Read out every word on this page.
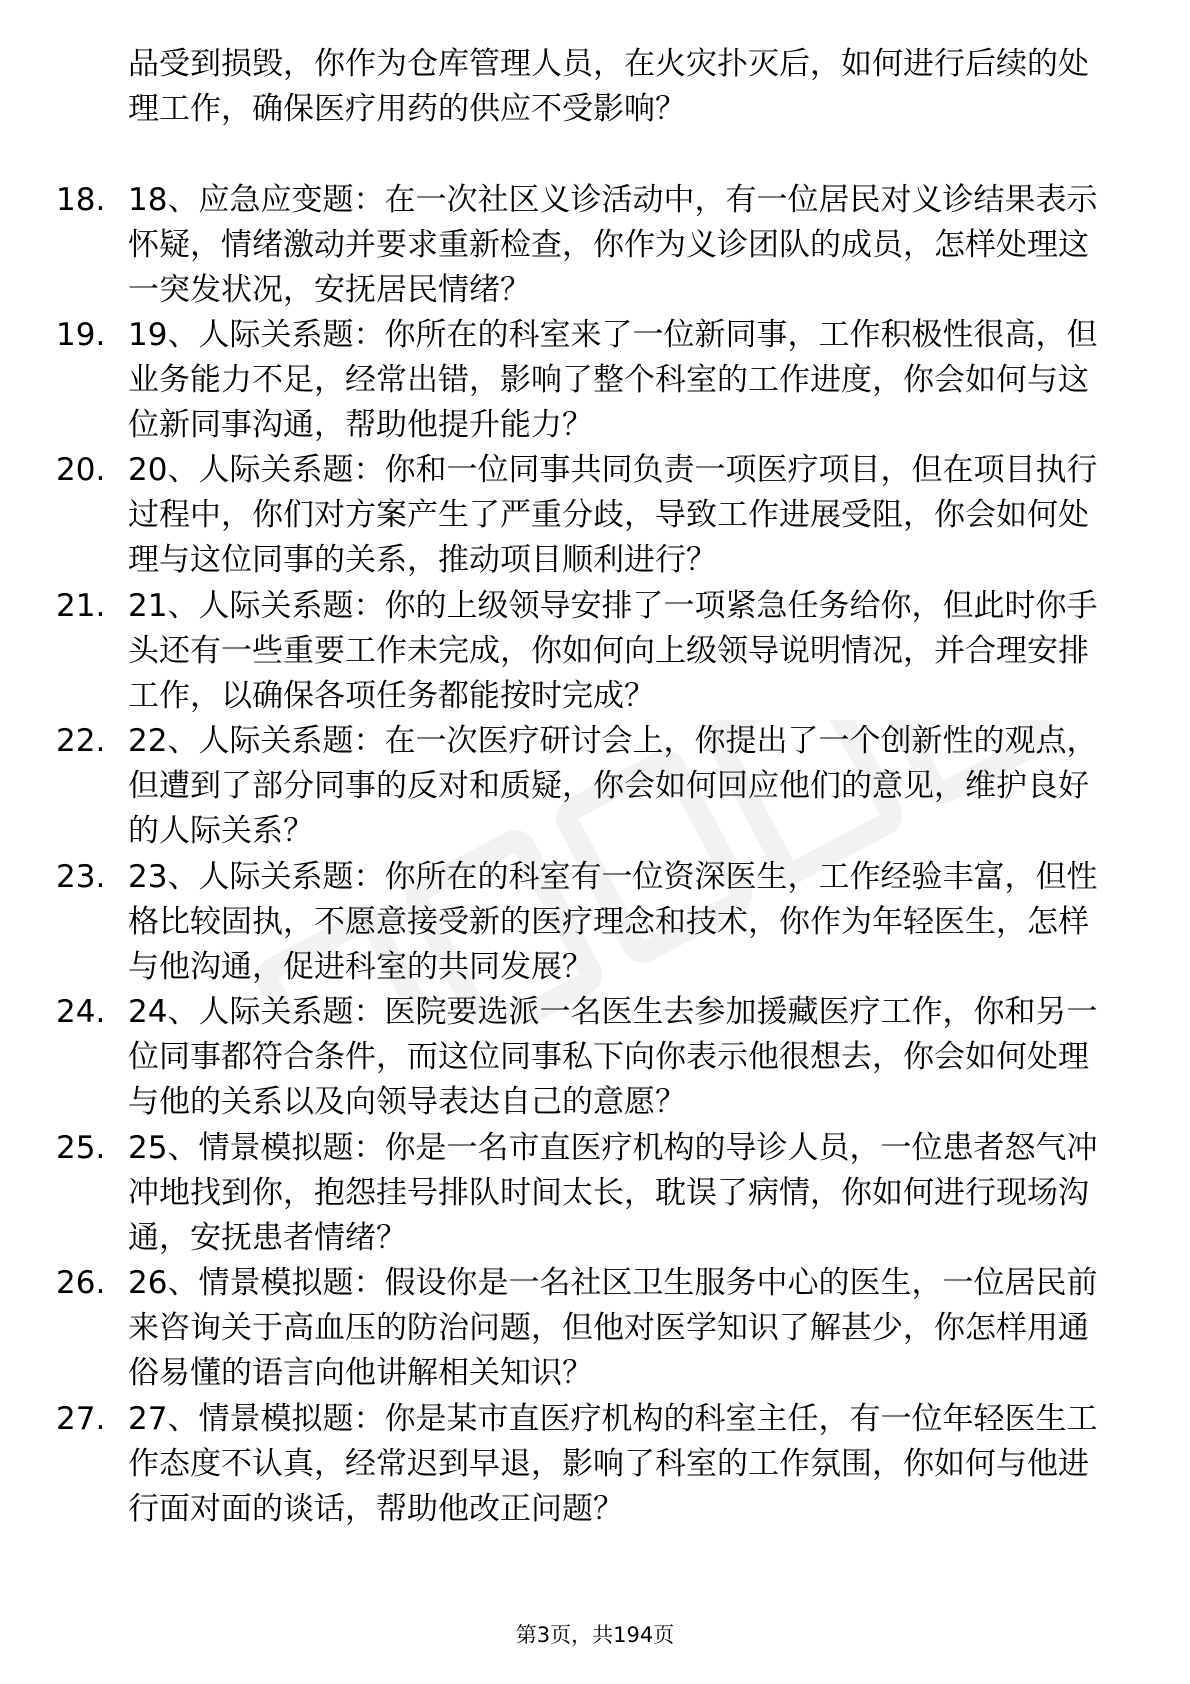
品受到损毁，你作为仓库管理人员，在火灾扑灭后，如何进行后续的处理工作，确保医疗用药的供应不受影响？

18. 18、应急应变题：在一次社区义诊活动中，有一位居民对义诊结果表示怀疑，情绪激动并要求重新检查，你作为义诊团队的成员，怎样处理这一突发状况，安抚居民情绪？

19. 19、人际关系题：你所在的科室来了一位新同事，工作积极性很高，但业务能力不足，经常出错，影响了整个科室的工作进度，你会如何与这位新同事沟通，帮助他提升能力？

20. 20、人际关系题：你和一位同事共同负责一项医疗项目，但在项目执行过程中，你们对方案产生了严重分歧，导致工作进展受阻，你会如何处理与这位同事的关系，推动项目顺利进行？

21. 21、人际关系题：你的上级领导安排了一项紧急任务给你，但此时你手头还有一些重要工作未完成，你如何向上级领导说明情况，并合理安排工作，以确保各项任务都能按时完成？

22. 22、人际关系题：在一次医疗研讨会上，你提出了一个创新性的观点，但遭到了部分同事的反对和质疑，你会如何回应他们的意见，维护良好的人际关系？

23. 23、人际关系题：你所在的科室有一位资深医生，工作经验丰富，但性格比较固执，不愿意接受新的医疗理念和技术，你作为年轻医生，怎样与他沟通，促进科室的共同发展？

24. 24、人际关系题：医院要选派一名医生去参加援藏医疗工作，你和另一位同事都符合条件，而这位同事私下向你表示他很想去，你会如何处理与他的关系以及向领导表达自己的意愿？

25. 25、情景模拟题：你是一名市直医疗机构的导诊人员，一位患者怒气冲冲地找到你，抱怨挂号排队时间太长，耽误了病情，你如何进行现场沟通，安抚患者情绪？

26. 26、情景模拟题：假设你是一名社区卫生服务中心的医生，一位居民前来咨询关于高血压的防治问题，但他对医学知识了解甚少，你怎样用通俗易懂的语言向他讲解相关知识？

27. 27、情景模拟题：你是某市直医疗机构的科室主任，有一位年轻医生工作态度不认真，经常迟到早退，影响了科室的工作氛围，你如何与他进行面对面的谈话，帮助他改正问题？

第3页，共194页
